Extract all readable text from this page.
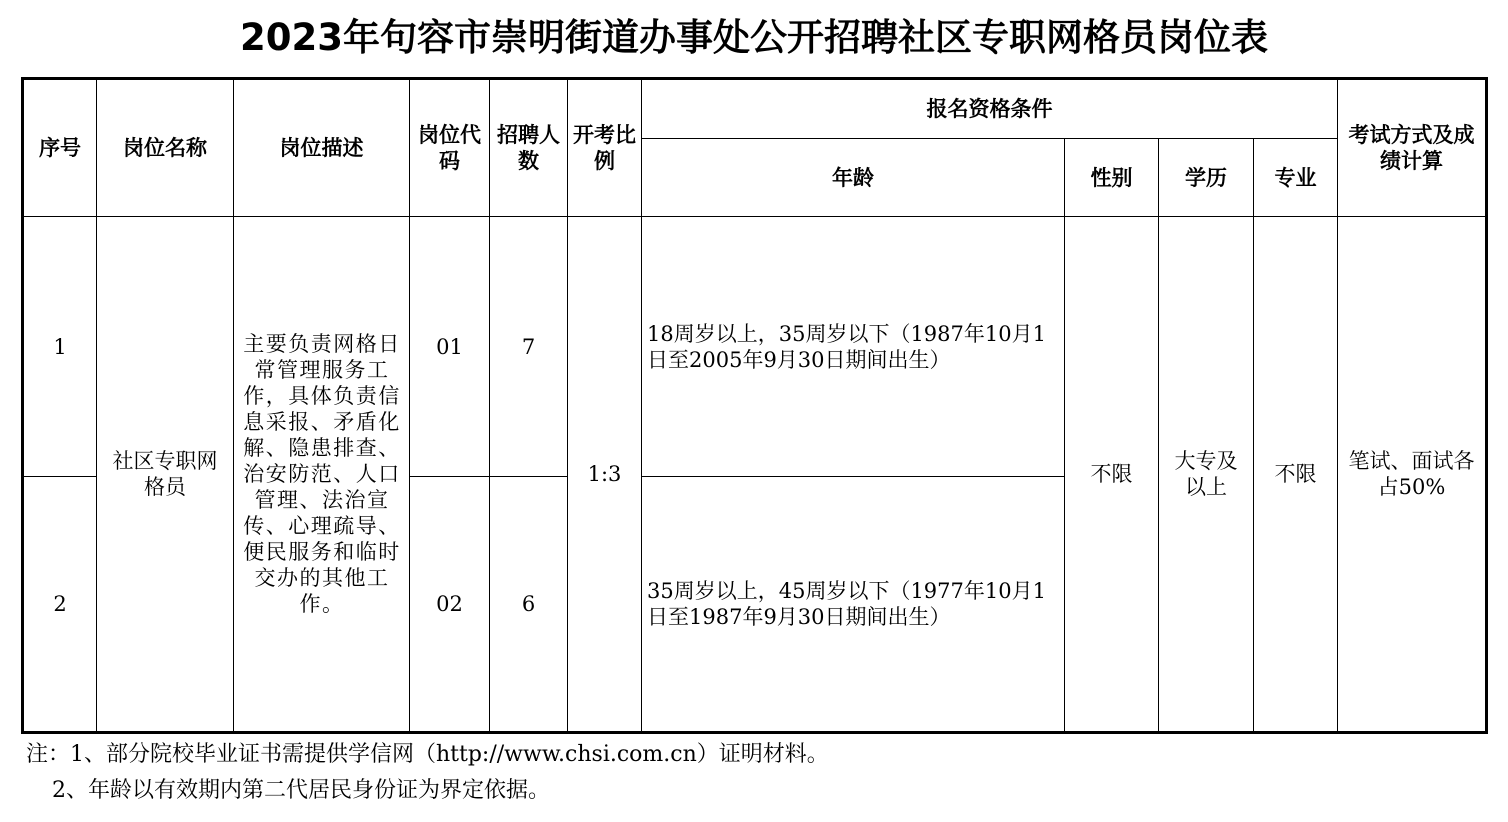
2023年句容市崇明街道办事处公开招聘社区专职网格员岗位表
序号	岗位名称	岗位描述	岗位代码	招聘人数	开考比例	报名资格条件				考试方式及成绩计算
						年龄	性别	学历	专业	
1	社区专职网格员	主要负责网格日常管理服务工作，具体负责信息采报、矛盾化解、隐患排查、治安防范、人口管理、法治宣传、心理疏导、便民服务和临时交办的其他工作。	01	7	1:3	18周岁以上，35周岁以下（1987年10月1日至2005年9月30日期间出生）	不限	大专及以上	不限	笔试、面试各占50%
2			02	6		35周岁以上，45周岁以下（1977年10月1日至1987年9月30日期间出生）				
注：1、部分院校毕业证书需提供学信网（http://www.chsi.com.cn）证明材料。
2、年龄以有效期内第二代居民身份证为界定依据。
